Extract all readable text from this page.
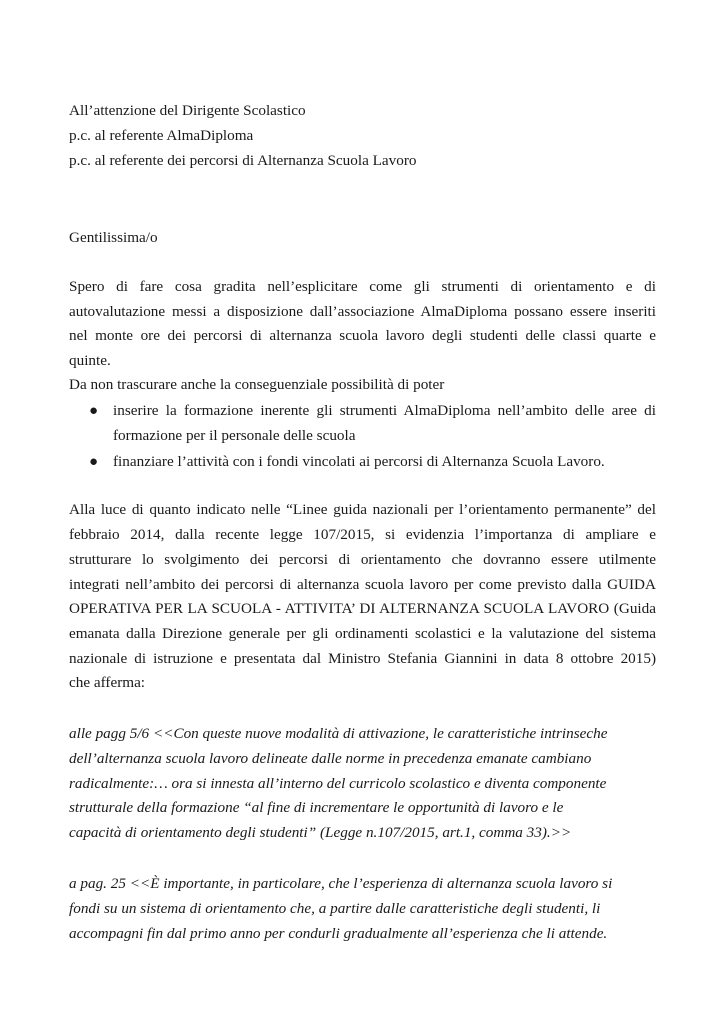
All’attenzione del Dirigente Scolastico
p.c. al referente AlmaDiploma
p.c. al referente dei percorsi di Alternanza Scuola Lavoro
Gentilissima/o
Spero di fare cosa gradita nell’esplicitare come gli strumenti di orientamento e di
autovalutazione messi a disposizione dall’associazione AlmaDiploma possano essere inseriti
nel monte ore dei percorsi di alternanza scuola lavoro degli studenti delle classi quarte e
quinte.
Da non trascurare anche la conseguenziale possibilità di poter
● inserire la formazione inerente gli strumenti AlmaDiploma nell’ambito delle aree di
formazione per il personale delle scuola
● finanziare l’attività con i fondi vincolati ai percorsi di Alternanza Scuola Lavoro.
Alla luce di quanto indicato nelle “Linee guida nazionali per l’orientamento permanente” del
febbraio 2014, dalla recente legge 107/2015, si evidenzia l’importanza di ampliare e
strutturare lo svolgimento dei percorsi di orientamento che dovranno essere utilmente
integrati nell’ambito dei percorsi di alternanza scuola lavoro per come previsto dalla GUIDA
OPERATIVA PER LA SCUOLA - ATTIVITA’ DI ALTERNANZA SCUOLA LAVORO (Guida
emanata dalla Direzione generale per gli ordinamenti scolastici e la valutazione del sistema
nazionale di istruzione e presentata dal Ministro Stefania Giannini in data 8 ottobre 2015)
che afferma:
alle pagg 5/6 <<Con queste nuove modalità di attivazione, le caratteristiche intrinseche
dell’alternanza scuola lavoro delineate dalle norme in precedenza emanate cambiano
radicalmente:… ora si innesta all’interno del curricolo scolastico e diventa componente
strutturale della formazione “al fine di incrementare le opportunità di lavoro e le
capacità di orientamento degli studenti” (Legge n.107/2015, art.1, comma 33).>>
a pag. 25 <<È importante, in particolare, che l’esperienza di alternanza scuola lavoro si
fondi su un sistema di orientamento che, a partire dalle caratteristiche degli studenti, li
accompagni fin dal primo anno per condurli gradualmente all’esperienza che li attende.
